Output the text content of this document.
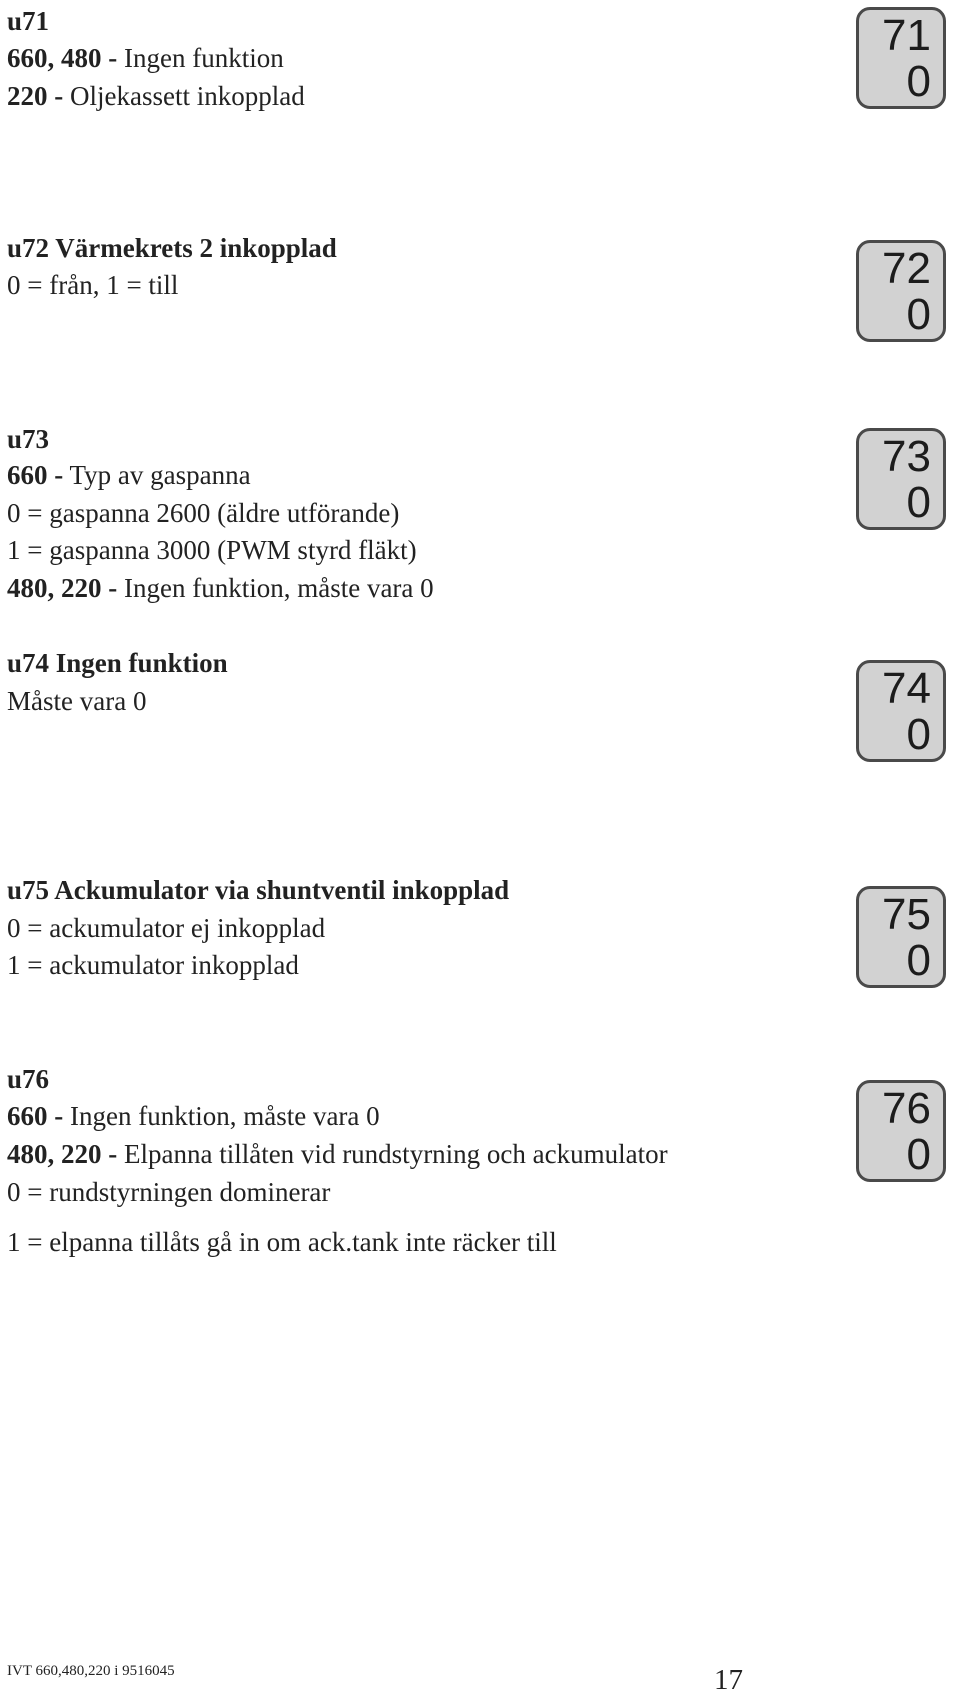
u71
660, 480 - Ingen funktion
220 - Oljekassett inkopplad
71
0
u72 Värmekrets 2 inkopplad
0 = från, 1 = till	72
0
u73
660 - Typ av gaspanna
0 = gaspanna 2600 (äldre utförande)
1 = gaspanna 3000 (PWM styrd fläkt)
480, 220 - Ingen funktion, måste vara 0
73
0
u74 Ingen funktion
Måste vara 0	74
0
u75 Ackumulator via shuntventil inkopplad
0 = ackumulator ej inkopplad
1 = ackumulator inkopplad
75
0
u76
660 - Ingen funktion, måste vara 0
480, 220 - Elpanna tillåten vid rundstyrning och ackumulator
0 = rundstyrningen dominerar
1 = elpanna tillåts gå in om ack.tank inte räcker till
76
0
IVT 660,480,220 i 9516045	17
